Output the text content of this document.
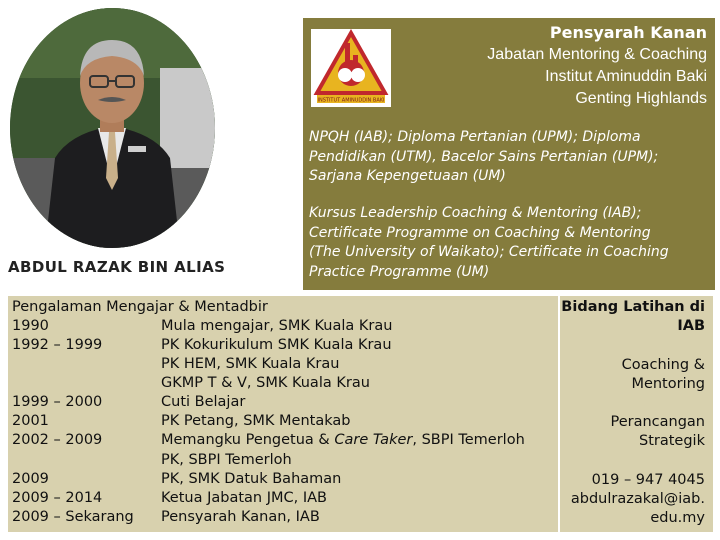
ABDUL RAZAK BIN ALIAS
INSTITUT AMINUDDIN BAKI
Pensyarah Kanan
Jabatan Mentoring & Coaching
Institut Aminuddin Baki
Genting Highlands
NPQH (IAB); Diploma Pertanian (UPM); Diploma
Pendidikan (UTM), Bacelor Sains Pertanian (UPM);
Sarjana Kepengetuaan (UM)
Kursus Leadership Coaching & Mentoring (IAB);
Certificate Programme on Coaching & Mentoring
(The University of Waikato); Certificate in Coaching
Practice Programme (UM)
Pengalaman Mengajar & Mentadbir
1990	Mula mengajar, SMK Kuala Krau
1992 – 1999	PK Kokurikulum SMK Kuala Krau
PK HEM, SMK Kuala Krau
GKMP T & V, SMK Kuala Krau
1999 – 2000	Cuti Belajar
2001	PK Petang, SMK Mentakab
2002 – 2009	Memangku Pengetua & Care Taker, SBPI Temerloh
PK, SBPI Temerloh
2009	PK, SMK Datuk Bahaman
2009 – 2014	Ketua Jabatan JMC, IAB
2009 – Sekarang Pensyarah Kanan, IAB
Bidang Latihan di
IAB
Coaching &
Mentoring
Perancangan
Strategik
019 – 947 4045
abdulrazakal@iab.
edu.my
